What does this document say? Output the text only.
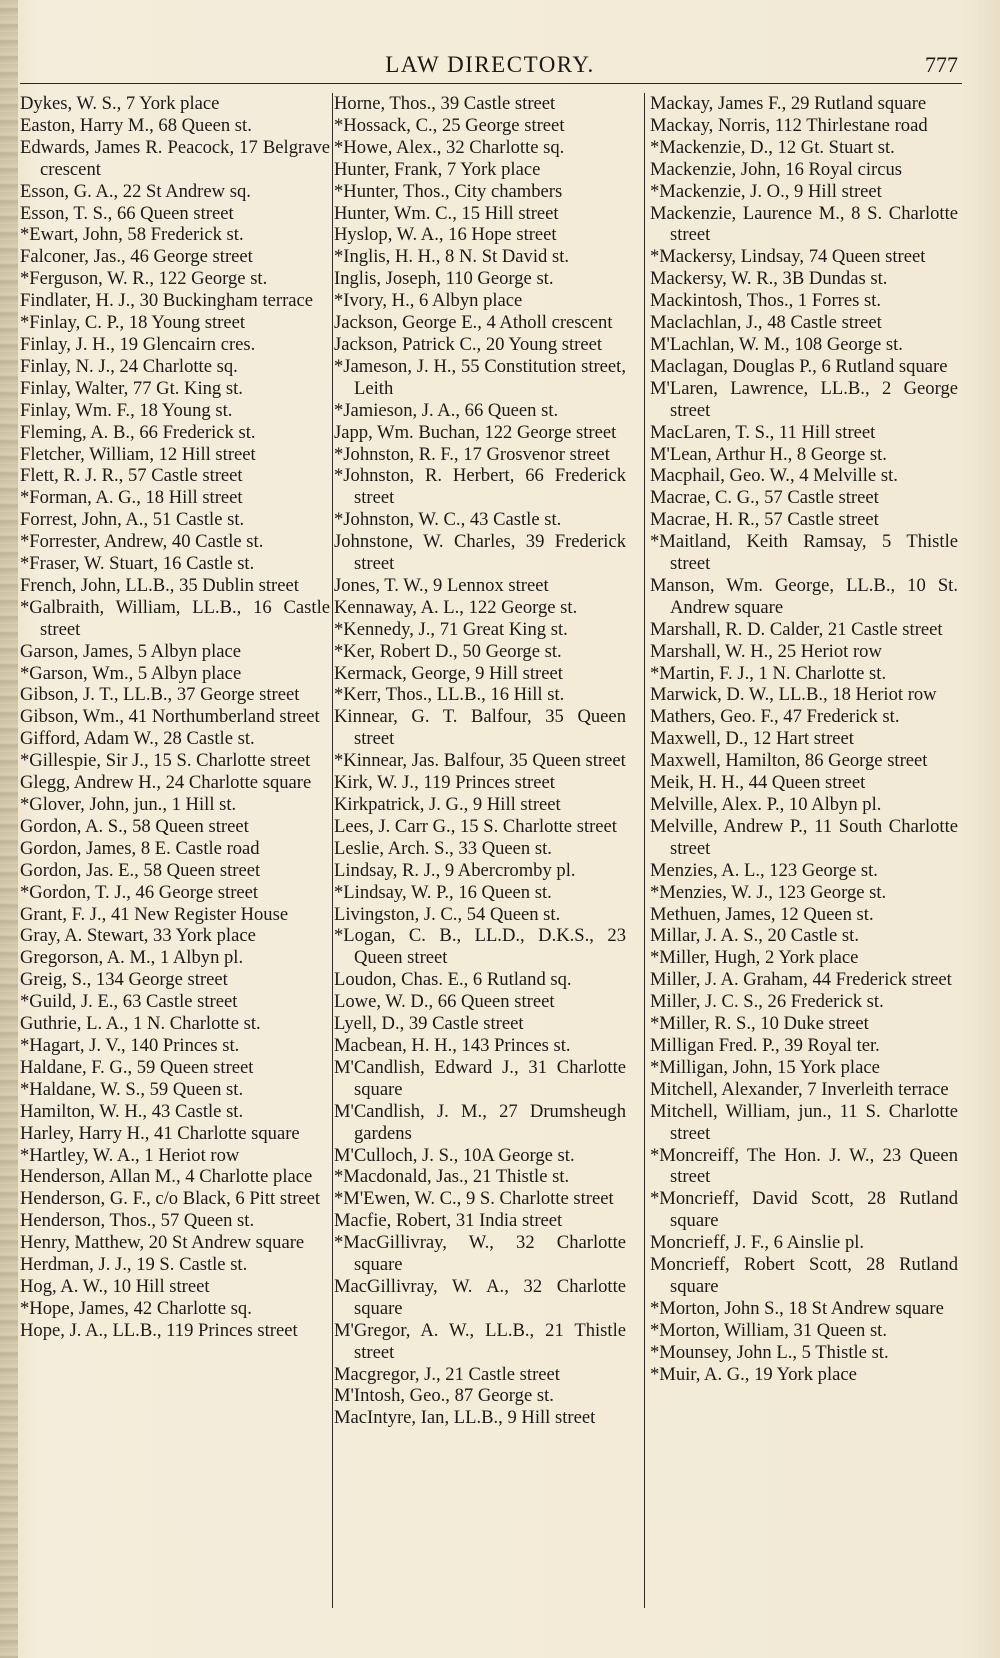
LAW DIRECTORY.	777
Dykes, W. S., 7 York place
Easton, Harry M., 68 Queen st.
Edwards, James R. Peacock, 17 Belgrave crescent
Esson, G. A., 22 St Andrew sq.
Esson, T. S., 66 Queen street
*Ewart, John, 58 Frederick st.
Falconer, Jas., 46 George street
*Ferguson, W. R., 122 George st.
Findlater, H. J., 30 Buckingham terrace
*Finlay, C. P., 18 Young street
Finlay, J. H., 19 Glencairn cres.
Finlay, N. J., 24 Charlotte sq.
Finlay, Walter, 77 Gt. King st.
Finlay, Wm. F., 18 Young st.
Fleming, A. B., 66 Frederick st.
Fletcher, William, 12 Hill street
Flett, R. J. R., 57 Castle street
*Forman, A. G., 18 Hill street
Forrest, John, A., 51 Castle st.
*Forrester, Andrew, 40 Castle st.
*Fraser, W. Stuart, 16 Castle st.
French, John, LL.B., 35 Dublin street
*Galbraith, William, LL.B., 16 Castle street
Garson, James, 5 Albyn place
*Garson, Wm., 5 Albyn place
Gibson, J. T., LL.B., 37 George street
Gibson, Wm., 41 Northumberland street
Gifford, Adam W., 28 Castle st.
*Gillespie, Sir J., 15 S. Charlotte street
Glegg, Andrew H., 24 Charlotte square
*Glover, John, jun., 1 Hill st.
Gordon, A. S., 58 Queen street
Gordon, James, 8 E. Castle road
Gordon, Jas. E., 58 Queen street
*Gordon, T. J., 46 George street
Grant, F. J., 41 New Register House
Gray, A. Stewart, 33 York place
Gregorson, A. M., 1 Albyn pl.
Greig, S., 134 George street
*Guild, J. E., 63 Castle street
Guthrie, L. A., 1 N. Charlotte st.
*Hagart, J. V., 140 Princes st.
Haldane, F. G., 59 Queen street
*Haldane, W. S., 59 Queen st.
Hamilton, W. H., 43 Castle st.
Harley, Harry H., 41 Charlotte square
*Hartley, W. A., 1 Heriot row
Henderson, Allan M., 4 Charlotte place
Henderson, G. F., c/o Black, 6 Pitt street
Henderson, Thos., 57 Queen st.
Henry, Matthew, 20 St Andrew square
Herdman, J. J., 19 S. Castle st.
Hog, A. W., 10 Hill street
*Hope, James, 42 Charlotte sq.
Hope, J. A., LL.B., 119 Princes street
Horne, Thos., 39 Castle street
*Hossack, C., 25 George street
*Howe, Alex., 32 Charlotte sq.
Hunter, Frank, 7 York place
*Hunter, Thos., City chambers
Hunter, Wm. C., 15 Hill street
Hyslop, W. A., 16 Hope street
*Inglis, H. H., 8 N. St David st.
Inglis, Joseph, 110 George st.
*Ivory, H., 6 Albyn place
Jackson, George E., 4 Atholl crescent
Jackson, Patrick C., 20 Young street
*Jameson, J. H., 55 Constitution street, Leith
*Jamieson, J. A., 66 Queen st.
Japp, Wm. Buchan, 122 George street
*Johnston, R. F., 17 Grosvenor street
*Johnston, R. Herbert, 66 Frederick street
*Johnston, W. C., 43 Castle st.
Johnstone, W. Charles, 39 Frederick street
Jones, T. W., 9 Lennox street
Kennaway, A. L., 122 George st.
*Kennedy, J., 71 Great King st.
*Ker, Robert D., 50 George st.
Kermack, George, 9 Hill street
*Kerr, Thos., LL.B., 16 Hill st.
Kinnear, G. T. Balfour, 35 Queen street
*Kinnear, Jas. Balfour, 35 Queen street
Kirk, W. J., 119 Princes street
Kirkpatrick, J. G., 9 Hill street
Lees, J. Carr G., 15 S. Charlotte street
Leslie, Arch. S., 33 Queen st.
Lindsay, R. J., 9 Abercromby pl.
*Lindsay, W. P., 16 Queen st.
Livingston, J. C., 54 Queen st.
*Logan, C. B., LL.D., D.K.S., 23 Queen street
Loudon, Chas. E., 6 Rutland sq.
Lowe, W. D., 66 Queen street
Lyell, D., 39 Castle street
Macbean, H. H., 143 Princes st.
M'Candlish, Edward J., 31 Charlotte square
M'Candlish, J. M., 27 Drumsheugh gardens
M'Culloch, J. S., 10A George st.
*Macdonald, Jas., 21 Thistle st.
*M'Ewen, W. C., 9 S. Charlotte street
Macfie, Robert, 31 India street
*MacGillivray, W., 32 Charlotte square
MacGillivray, W. A., 32 Charlotte square
M'Gregor, A. W., LL.B., 21 Thistle street
Macgregor, J., 21 Castle street
M'Intosh, Geo., 87 George st.
MacIntyre, Ian, LL.B., 9 Hill street
Mackay, James F., 29 Rutland square
Mackay, Norris, 112 Thirlestane road
*Mackenzie, D., 12 Gt. Stuart st.
Mackenzie, John, 16 Royal circus
*Mackenzie, J. O., 9 Hill street
Mackenzie, Laurence M., 8 S. Charlotte street
*Mackersy, Lindsay, 74 Queen street
Mackersy, W. R., 3B Dundas st.
Mackintosh, Thos., 1 Forres st.
Maclachlan, J., 48 Castle street
M'Lachlan, W. M., 108 George st.
Maclagan, Douglas P., 6 Rutland square
M'Laren, Lawrence, LL.B., 2 George street
MacLaren, T. S., 11 Hill street
M'Lean, Arthur H., 8 George st.
Macphail, Geo. W., 4 Melville st.
Macrae, C. G., 57 Castle street
Macrae, H. R., 57 Castle street
*Maitland, Keith Ramsay, 5 Thistle street
Manson, Wm. George, LL.B., 10 St. Andrew square
Marshall, R. D. Calder, 21 Castle street
Marshall, W. H., 25 Heriot row
*Martin, F. J., 1 N. Charlotte st.
Marwick, D. W., LL.B., 18 Heriot row
Mathers, Geo. F., 47 Frederick st.
Maxwell, D., 12 Hart street
Maxwell, Hamilton, 86 George street
Meik, H. H., 44 Queen street
Melville, Alex. P., 10 Albyn pl.
Melville, Andrew P., 11 South Charlotte street
Menzies, A. L., 123 George st.
*Menzies, W. J., 123 George st.
Methuen, James, 12 Queen st.
Millar, J. A. S., 20 Castle st.
*Miller, Hugh, 2 York place
Miller, J. A. Graham, 44 Frederick street
Miller, J. C. S., 26 Frederick st.
*Miller, R. S., 10 Duke street
Milligan Fred. P., 39 Royal ter.
*Milligan, John, 15 York place
Mitchell, Alexander, 7 Inverleith terrace
Mitchell, William, jun., 11 S. Charlotte street
*Moncreiff, The Hon. J. W., 23 Queen street
*Moncrieff, David Scott, 28 Rutland square
Moncrieff, J. F., 6 Ainslie pl.
Moncrieff, Robert Scott, 28 Rutland square
*Morton, John S., 18 St Andrew square
*Morton, William, 31 Queen st.
*Mounsey, John L., 5 Thistle st.
*Muir, A. G., 19 York place
